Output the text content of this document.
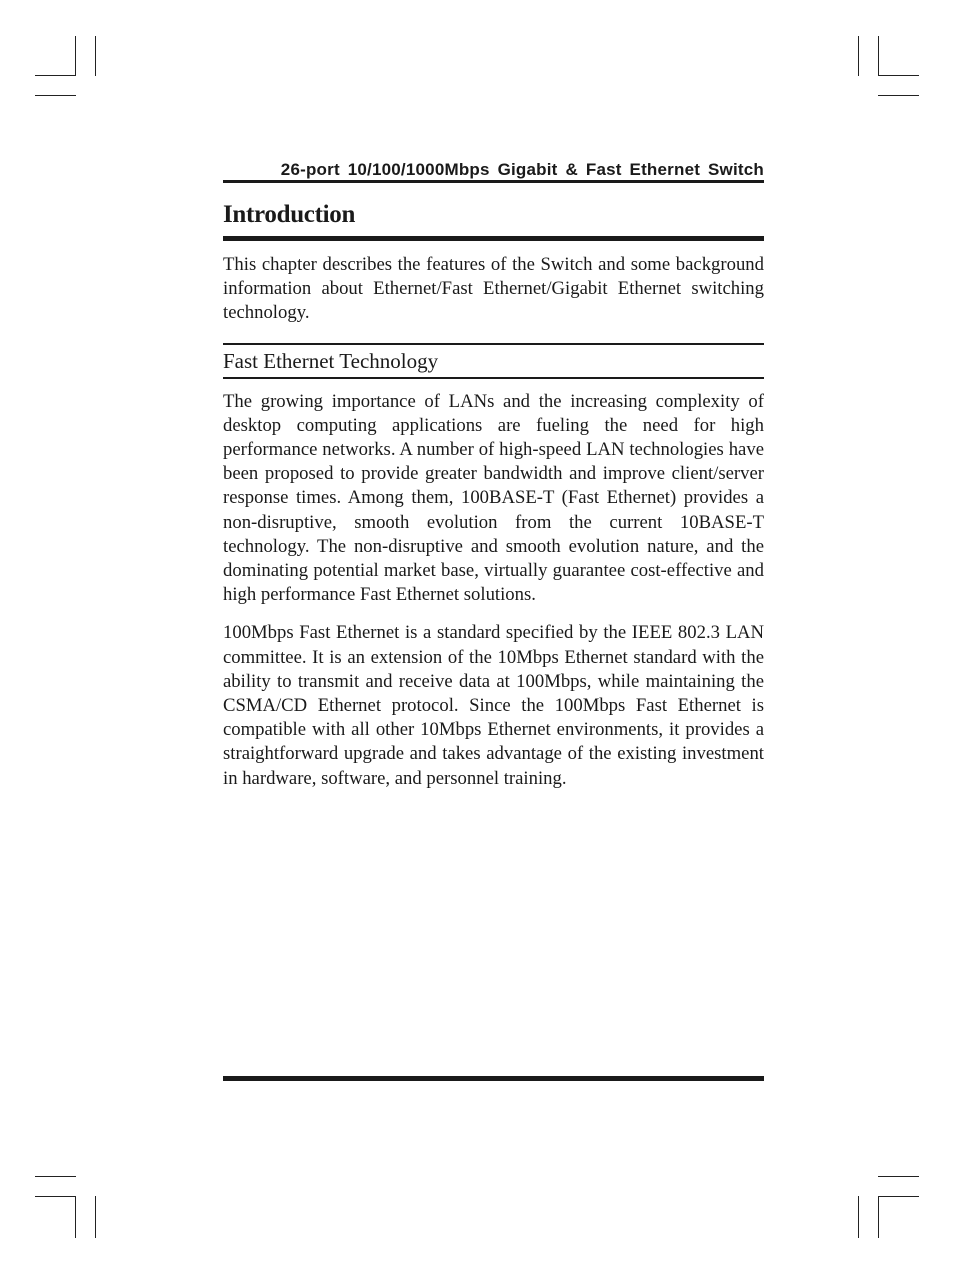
26-port 10/100/1000Mbps Gigabit & Fast Ethernet Switch
Introduction

This chapter describes the features of the Switch and some background information about Ethernet/Fast Ethernet/Gigabit Ethernet switching technology.

Fast Ethernet Technology

The growing importance of LANs and the increasing complexity of desktop computing applications are fueling the need for high performance networks. A number of high-speed LAN technologies have been proposed to provide greater bandwidth and improve client/server response times. Among them, 100BASE-T (Fast Ethernet) provides a non-disruptive, smooth evolution from the current 10BASE-T technology. The non-disruptive and smooth evolution nature, and the dominating potential market base, virtually guarantee cost-effective and high performance Fast Ethernet solutions.

100Mbps Fast Ethernet is a standard specified by the IEEE 802.3 LAN committee. It is an extension of the 10Mbps Ethernet standard with the ability to transmit and receive data at 100Mbps, while maintaining the CSMA/CD Ethernet protocol. Since the 100Mbps Fast Ethernet is compatible with all other 10Mbps Ethernet environments, it provides a straightforward upgrade and takes advantage of the existing investment in hardware, software, and personnel training.
